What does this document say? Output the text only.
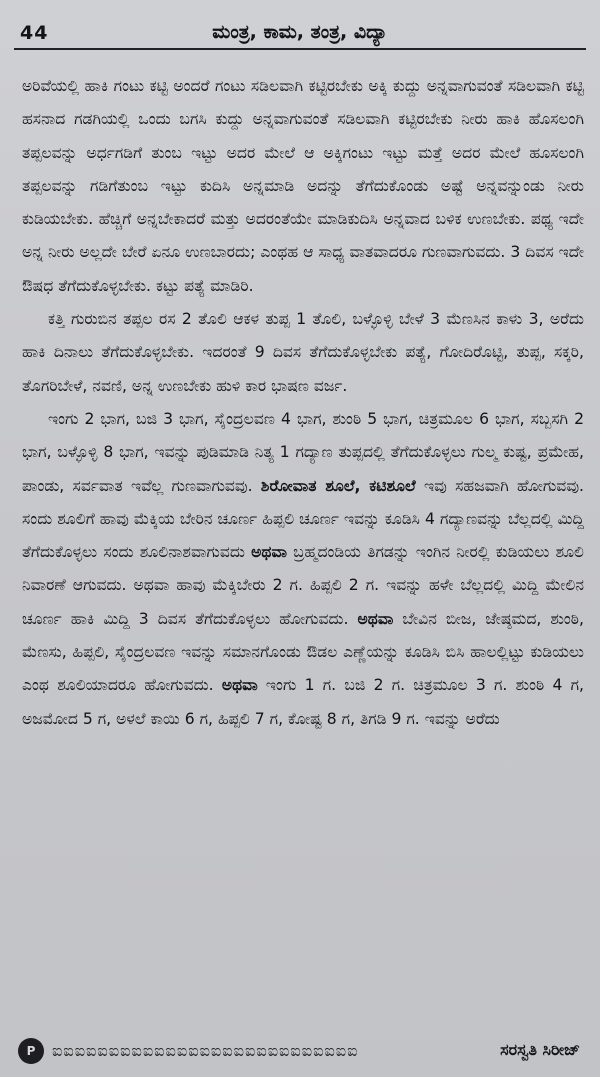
44	ಮಂತ್ರ, ಕಾಮ, ತಂತ್ರ, ವಿದ್ಯಾ

ಅರಿವೆಯಲ್ಲಿ ಹಾಕಿ ಗಂಟು ಕಟ್ಟಿ ಅಂದರೆ ಗಂಟು ಸಡಿಲವಾಗಿ ಕಟ್ಟಿರಬೇಕು ಅಕ್ಕಿ ಕುದ್ದು ಅನ್ನವಾಗುವಂತೆ ಸಡಿಲವಾಗಿ ಕಟ್ಟಿ ಹಸನಾದ ಗಡಗಿಯಲ್ಲಿ ಒಂದು ಬಗಸಿ ಕುದ್ದು ಅನ್ನವಾಗುವಂತೆ ಸಡಿಲವಾಗಿ ಕಟ್ಟಿರಬೇಕು ನೀರು ಹಾಕಿ ಹೊಸಲಂಗಿ ತಪ್ಪಲವನ್ನು ಅರ್ಧಗಡಿಗೆ ತುಂಬ ಇಟ್ಟು ಅದರ ಮೇಲೆ ಆ ಅಕ್ಕಿಗಂಟು ಇಟ್ಟು ಮತ್ತೆ ಅದರ ಮೇಲೆ ಹೂಸಲಂಗಿ ತಪ್ಪಲವನ್ನು ಗಡಿಗೆತುಂಬ ಇಟ್ಟು ಕುದಿಸಿ ಅನ್ನಮಾಡಿ ಅದನ್ನು ತೆಗೆದುಕೊಂಡು ಅಷ್ಟೆ ಅನ್ನವನ್ನುಂಡು ನೀರು ಕುಡಿಯಬೇಕು. ಹೆಚ್ಚಿಗೆ ಅನ್ನಬೇಕಾದರೆ ಮತ್ತು ಅದರಂತೆಯೇ ಮಾಡಿಕುದಿಸಿ ಅನ್ನವಾದ ಬಳಿಕ ಉಣಬೇಕು. ಪಥ್ಯ ಇದೇ ಅನ್ನ ನೀರು ಅಲ್ಲದೇ ಬೇರೆ ಏನೂ ಉಣಬಾರದು; ಎಂಥಹ ಆ ಸಾಧ್ಯ ವಾತವಾದರೂ ಗುಣವಾಗುವದು. 3 ದಿವಸ ಇದೇ ಔಷಧ ತೆಗೆದುಕೊಳ್ಳಬೇಕು. ಕಟ್ಟು ಪತ್ಯೆ ಮಾಡಿರಿ.

ಕತ್ತಿ ಗುರುಬಿನ ತಪ್ಪಲ ರಸ 2 ತೊಲಿ ಆಕಳ ತುಪ್ಪ 1 ತೊಲಿ, ಬಳ್ಳೊಳ್ಳಿ ಬೇಳೆ 3 ಮೆಣಸಿನ ಕಾಳು 3, ಅರೆದು ಹಾಕಿ ದಿನಾಲು ತೆಗೆದುಕೊಳ್ಳಬೇಕು. ಇದರಂತೆ 9 ದಿವಸ ತೆಗೆದುಕೊಳ್ಳಬೇಕು ಪತ್ಯೆ, ಗೋದಿರೊಟ್ಟಿ, ತುಪ್ಪ, ಸಕ್ಕರಿ, ತೊಗರಿಬೇಳೆ, ನವಣಿ, ಅನ್ನ ಉಣಬೇಕು ಹುಳಿ ಕಾರ ಭಾಷಣ ವರ್ಜ.

ಇಂಗು 2 ಭಾಗ, ಬಜಿ 3 ಭಾಗ, ಸೈಂದ್ರಲವಣ 4 ಭಾಗ, ಶುಂಠಿ 5 ಭಾಗ, ಚಿತ್ರಮೂಲ 6 ಭಾಗ, ಸಬ್ಬಸಗಿ 2 ಭಾಗ, ಬಳ್ಳೊಳ್ಳಿ 8 ಭಾಗ, ಇವನ್ನು ಪುಡಿಮಾಡಿ ನಿತ್ಯ 1 ಗದ್ಯಾಣ ತುಪ್ಪದಲ್ಲಿ ತೆಗೆದುಕೊಳ್ಳಲು ಗುಲ್ಮ ಕುಷ್ಟ, ಪ್ರಮೇಹ, ಪಾಂಡು, ಸರ್ವವಾತ ಇವೆಲ್ಲ ಗುಣವಾಗುವವು. ಶಿರೋವಾತ ಶೂಲೆ, ಕಟಿಶೂಲೆ ಇವು ಸಹಜವಾಗಿ ಹೋಗುವವು. ಸಂದು ಶೂಲಿಗೆ ಹಾವು ಮೆಕ್ಕಿಯ ಬೇರಿನ ಚೂರ್ಣ ಹಿಪ್ಪಲಿ ಚೂರ್ಣ ಇವನ್ನು ಕೂಡಿಸಿ 4 ಗದ್ಯಾಣವನ್ನು ಬೆಲ್ಲದಲ್ಲಿ ಮಿದ್ದಿ ತೆಗೆದುಕೊಳ್ಳಲು ಸಂದು ಶೂಲಿನಾಶವಾಗುವದು ಅಥವಾ ಬ್ರಹ್ಮದಂಡಿಯ ತಿಗಡನ್ನು ಇಂಗಿನ ನೀರಲ್ಲಿ ಕುಡಿಯಲು ಶೂಲಿ ನಿವಾರಣೆ ಆಗುವದು. ಅಥವಾ ಹಾವು ಮೆಕ್ಕಿಬೇರು 2 ಗ. ಹಿಪ್ಪಲಿ 2 ಗ. ಇವನ್ನು ಹಳೇ ಬೆಲ್ಲದಲ್ಲಿ ಮಿದ್ದಿ ಮೇಲಿನ ಚೂರ್ಣ ಹಾಕಿ ಮಿದ್ದಿ 3 ದಿವಸ ತೆಗೆದುಕೊಳ್ಳಲು ಹೋಗುವದು. ಅಥವಾ ಬೇವಿನ ಬೀಜ, ಜೇಷ್ಠಮದ, ಶುಂಠಿ, ಮೆಣಸು, ಹಿಪ್ಪಲಿ, ಸೈಂದ್ರಲವಣ ಇವನ್ನು ಸಮಾನಗೊಂಡು ಔಡಲ ಎಣ್ಣೆಯನ್ನು ಕೂಡಿಸಿ ಬಿಸಿ ಹಾಲಲ್ಲಿಟ್ಟು ಕುಡಿಯಲು ಎಂಥ ಶೂಲಿಯಾದರೂ ಹೋಗುವದು. ಅಥವಾ ಇಂಗು 1 ಗ. ಬಜಿ 2 ಗ. ಚಿತ್ರಮೂಲ 3 ಗ. ಶುಂಠಿ 4 ಗ, ಅಜಮೋದ 5 ಗ, ಅಳಲೆ ಕಾಯಿ 6 ಗ, ಹಿಪ್ಪಲಿ 7 ಗ, ಕೋಷ್ಟ 8 ಗ, ತಿಗಡಿ 9 ಗ. ಇವನ್ನು ಅರೆದು

P	ಐಐಐಐಐಐಐಐಐಐಐಐಐಐಐಐಐಐಐಐಐಐಐಐಐಐಐ	ಸರಸ್ವತಿ ಸಿರೀಜ್
